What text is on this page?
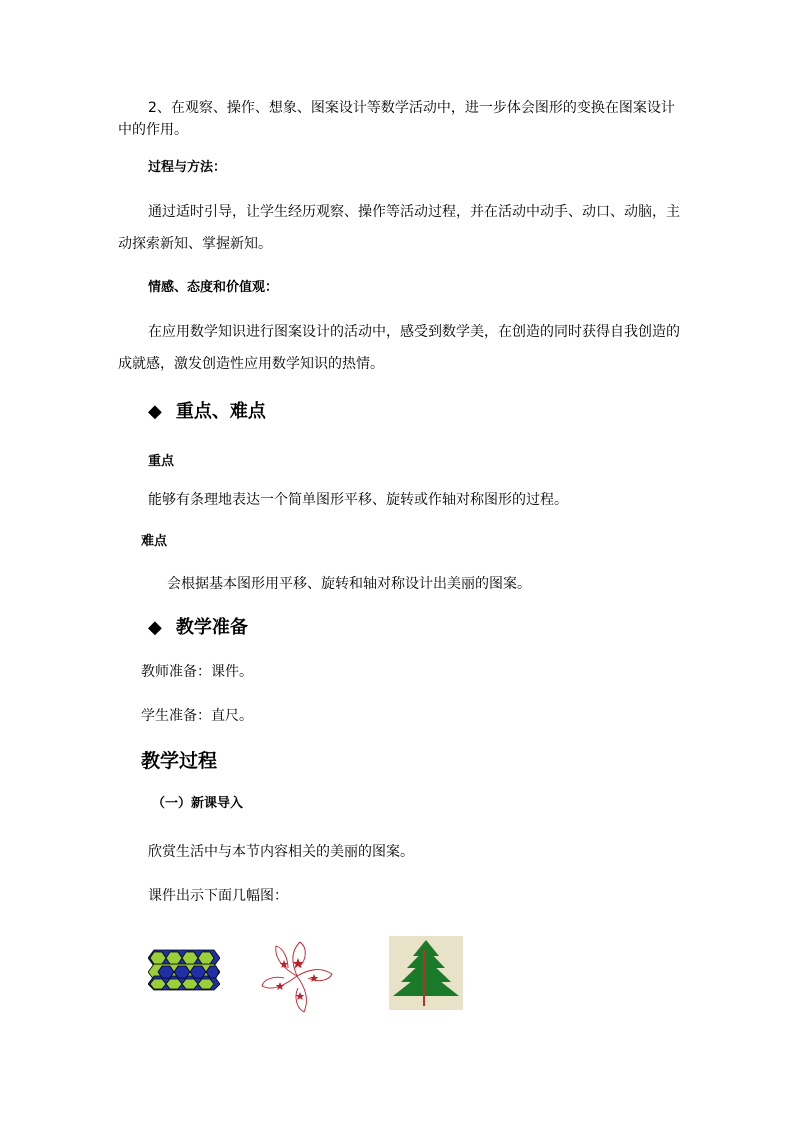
2、在观察、操作、想象、图案设计等数学活动中，进一步体会图形的变换在图案设计
中的作用。
过程与方法：
通过适时引导，让学生经历观察、操作等活动过程，并在活动中动手、动口、动脑，主
动探索新知、掌握新知。
情感、态度和价值观：
在应用数学知识进行图案设计的活动中，感受到数学美，在创造的同时获得自我创造的
成就感，激发创造性应用数学知识的热情。
◆ 重点、难点
重点
能够有条理地表达一个简单图形平移、旋转或作轴对称图形的过程。
难点
会根据基本图形用平移、旋转和轴对称设计出美丽的图案。
◆ 教学准备
教师准备：课件。
学生准备：直尺。
教学过程
（一）新课导入
欣赏生活中与本节内容相关的美丽的图案。
课件出示下面几幅图：
